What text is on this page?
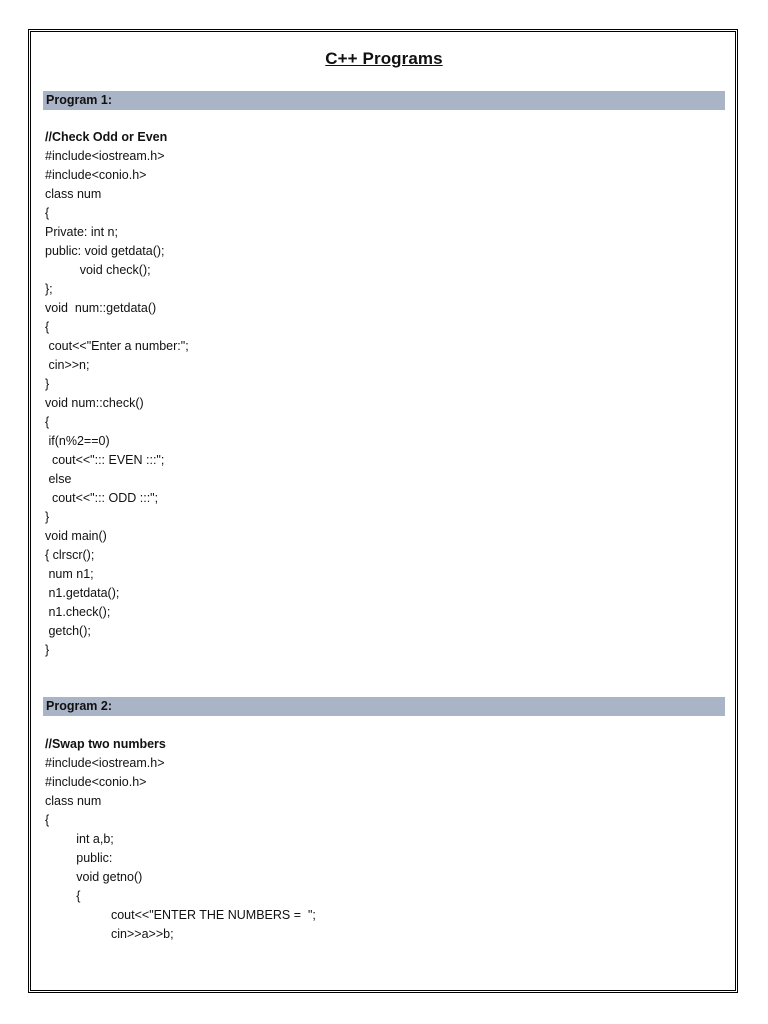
C++ Programs
Program 1:
//Check Odd or Even
#include<iostream.h>
#include<conio.h>
class num
{
Private: int n;
public: void getdata();
void check();
};
void  num::getdata()
{
cout<<"Enter a number:";
cin>>n;
}
void num::check()
{
if(n%2==0)
cout<<"::: EVEN :::";
else
cout<<"::: ODD :::";
}
void main()
{ clrscr();
num n1;
n1.getdata();
n1.check();
getch();
}
Program 2:
//Swap two numbers
#include<iostream.h>
#include<conio.h>
class num
{
int a,b;
public:
void getno()
{
cout<<"ENTER THE NUMBERS =  ";
cin>>a>>b;
